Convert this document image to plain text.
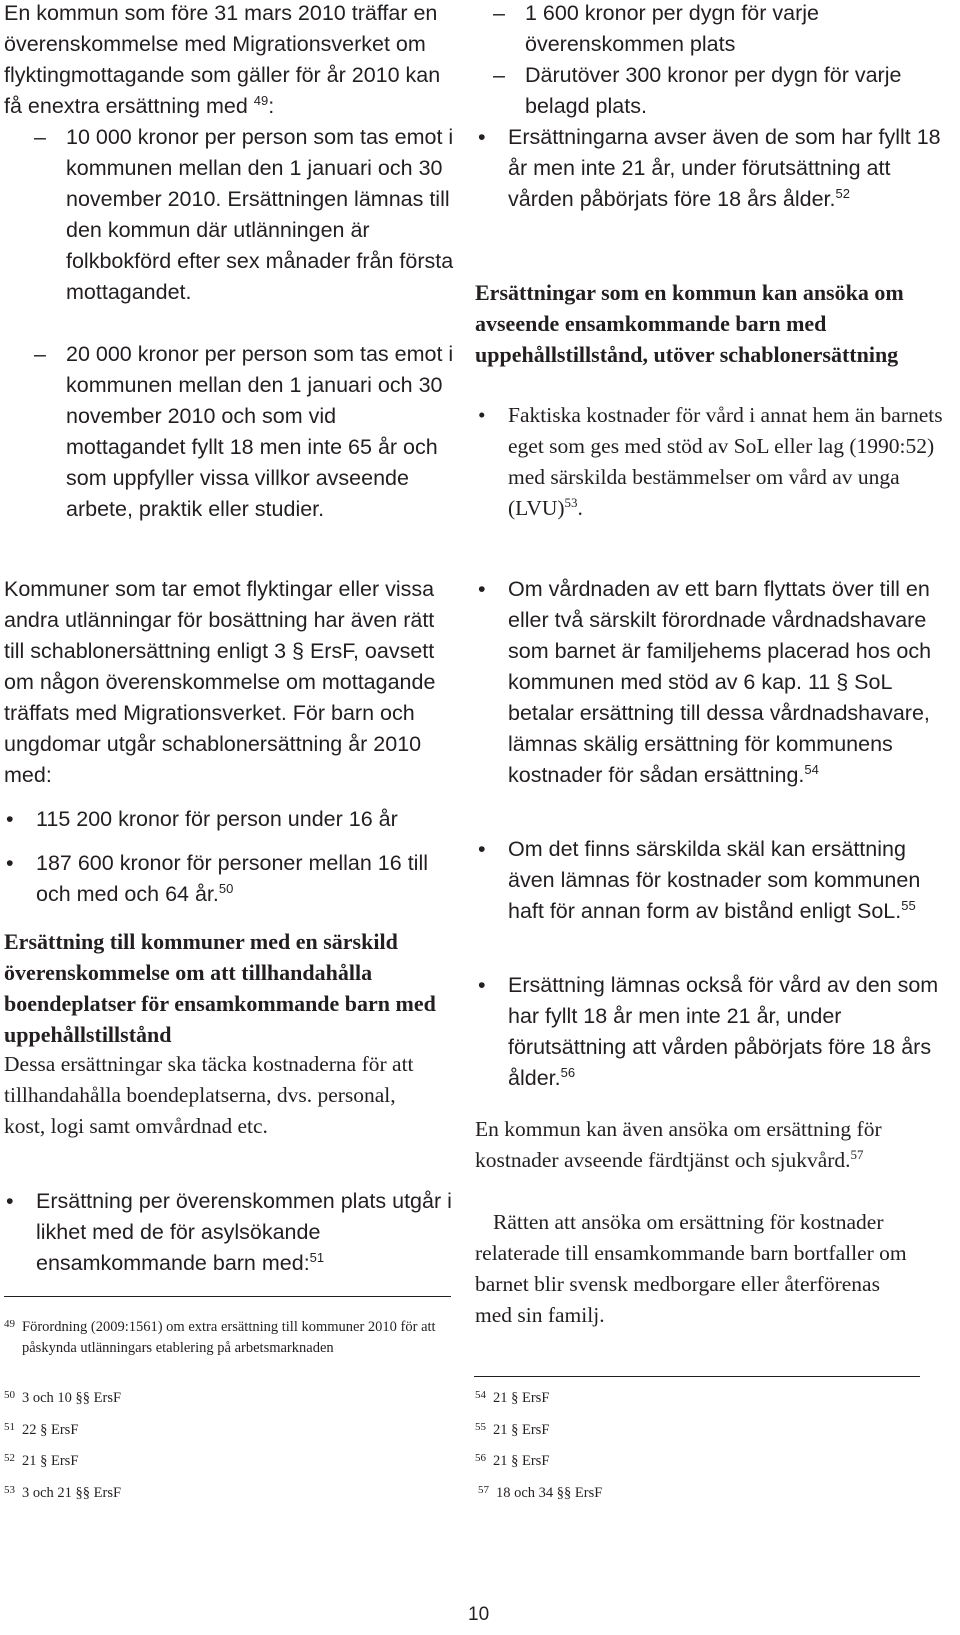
En kommun som före 31 mars 2010 träffar en överenskommelse med Migrationsverket om flyktingmottagande som gäller för år 2010 kan få enextra ersättning med $^{49}$:

– 10 000 kronor per person som tas emot i kommunen mellan den 1 januari och 30 november 2010. Ersättningen lämnas till den kommun där utlänningen är folkbokförd efter sex månader från första mottagandet.
– 20 000 kronor per person som tas emot i kommunen mellan den 1 januari och 30 november 2010 och som vid mottagandet fyllt 18 men inte 65 år och som uppfyller vissa villkor avseende arbete, praktik eller studier.

Kommuner som tar emot flyktingar eller vissa andra utlänningar för bosättning har även rätt till schablonersättning enligt 3 § ErsF, oavsett om någon överenskommelse om mottagande träffats med Migrationsverket. För barn och ungdomar utgår schablonersättning år 2010 med:

• 115 200 kronor för person under 16 år
• 187 600 kronor för personer mellan 16 till och med och 64 år.$^{50}$

Ersättning till kommuner med en särskild överenskommelse om att tillhandahålla boendeplatser för ensamkommande barn med uppehållstillstånd

Dessa ersättningar ska täcka kostnaderna för att tillhandahålla boendeplatserna, dvs. personal, kost, logi samt omvårdnad etc.

• Ersättning per överenskommen plats utgår i likhet med de för asylsökande ensamkommande barn med:$^{51}$
49 Förordning (2009:1561) om extra ersättning till kommuner 2010 för att påskynda utlänningars etablering på arbetsmarknaden
50 3 och 10 §§ ErsF
51 22 § ErsF
52 21 § ErsF
53 3 och 21 §§ ErsF
– 1 600 kronor per dygn för varje överenskommen plats
– Därutöver 300 kronor per dygn för varje belagd plats.
• Ersättningarna avser även de som har fyllt 18 år men inte 21 år, under förutsättning att vården påbörjats före 18 års ålder.$^{52}$

Ersättningar som en kommun kan ansöka om avseende ensamkommande barn med uppehållstillstånd, utöver schablonersättning

• Faktiska kostnader för vård i annat hem än barnets eget som ges med stöd av SoL eller lag (1990:52) med särskilda bestämmelser om vård av unga (LVU)$^{53}$.
• Om vårdnaden av ett barn flyttats över till en eller två särskilt förordnade vårdnadshavare som barnet är familjehems placerad hos och kommunen med stöd av 6 kap. 11 § SoL betalar ersättning till dessa vårdnadshavare, lämnas skälig ersättning för kommunens kostnader för sådan ersättning.$^{54}$
• Om det finns särskilda skäl kan ersättning även lämnas för kostnader som kommunen haft för annan form av bistånd enligt SoL.$^{55}$
• Ersättning lämnas också för vård av den som har fyllt 18 år men inte 21 år, under förutsättning att vården påbörjats före 18 års ålder.$^{56}$

En kommun kan även ansöka om ersättning för kostnader avseende färdtjänst och sjukvård.$^{57}$

Rätten att ansöka om ersättning för kostnader relaterade till ensamkommande barn bortfaller om barnet blir svensk medborgare eller återförenas med sin familj.

54 21 § ErsF
55 21 § ErsF
56 21 § ErsF
57 18 och 34 §§ ErsF
10
